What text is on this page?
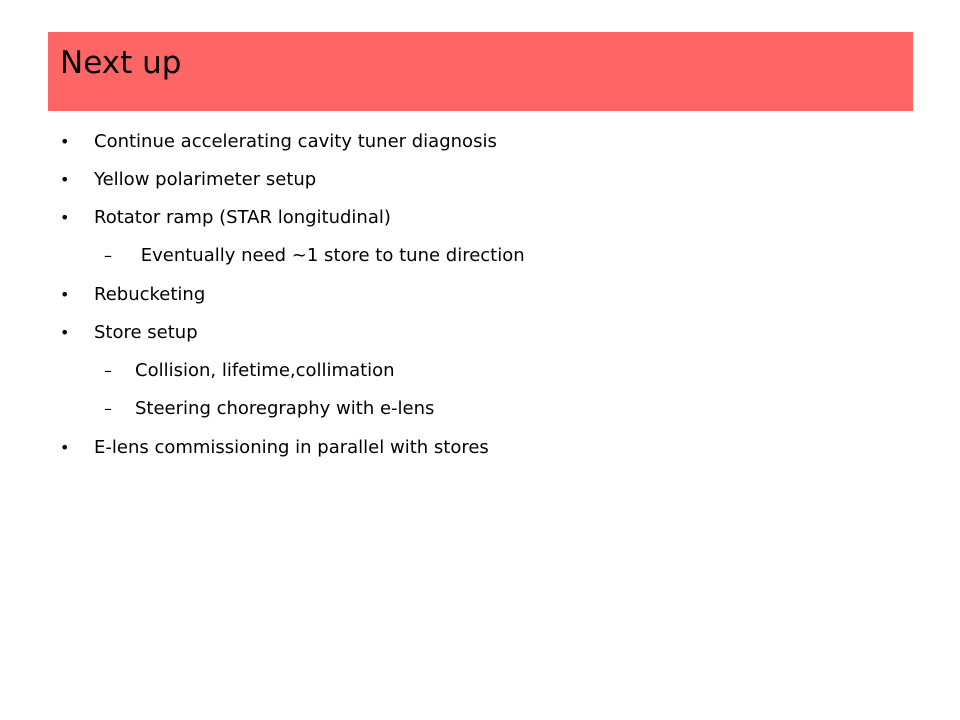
Next up
• Continue accelerating cavity tuner diagnosis
• Yellow polarimeter setup
• Rotator ramp (STAR longitudinal)
– Eventually need ~1 store to tune direction
• Rebucketing
• Store setup
– Collision, lifetime,collimation
– Steering choregraphy with e-lens
• E-lens commissioning in parallel with stores
